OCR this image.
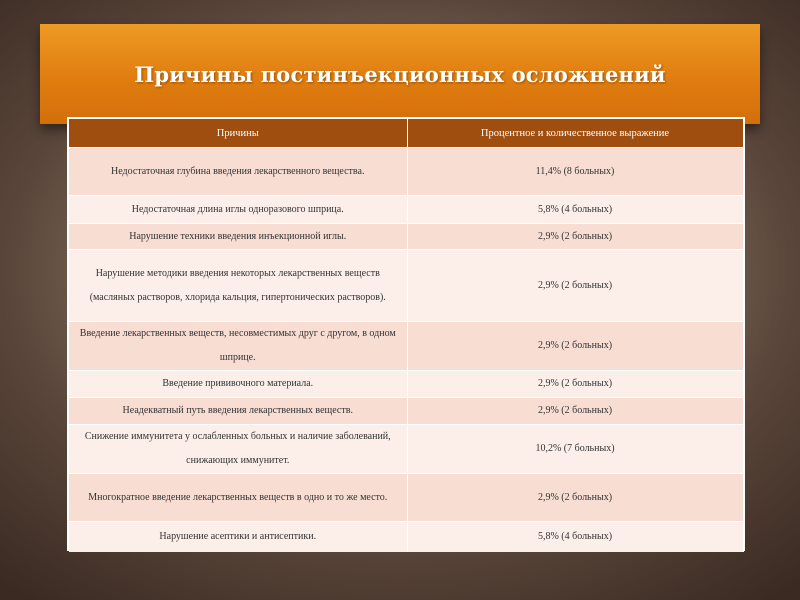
Причины постинъекционных осложнений
Причины	Процентное и количественное выражение
Недостаточная глубина введения лекарственного вещества.	11,4% (8 больных)
Недостаточная длина иглы одноразового шприца.	5,8% (4 больных)
Нарушение техники введения инъекционной иглы.	2,9% (2 больных)
Нарушение методики введения некоторых лекарственных веществ (масляных растворов, хлорида кальция, гипертонических растворов).	2,9% (2 больных)
Введение лекарственных веществ, несовместимых друг с другом, в одном шприце.	2,9% (2 больных)
Введение прививочного материала.	2,9% (2 больных)
Неадекватный путь введения лекарственных веществ.	2,9% (2 больных)
Снижение иммунитета у ослабленных больных и наличие заболеваний, снижающих иммунитет.	10,2% (7 больных)
Многократное введение лекарственных веществ в одно и то же место.	2,9% (2 больных)
Нарушение асептики и антисептики.	5,8% (4 больных)
